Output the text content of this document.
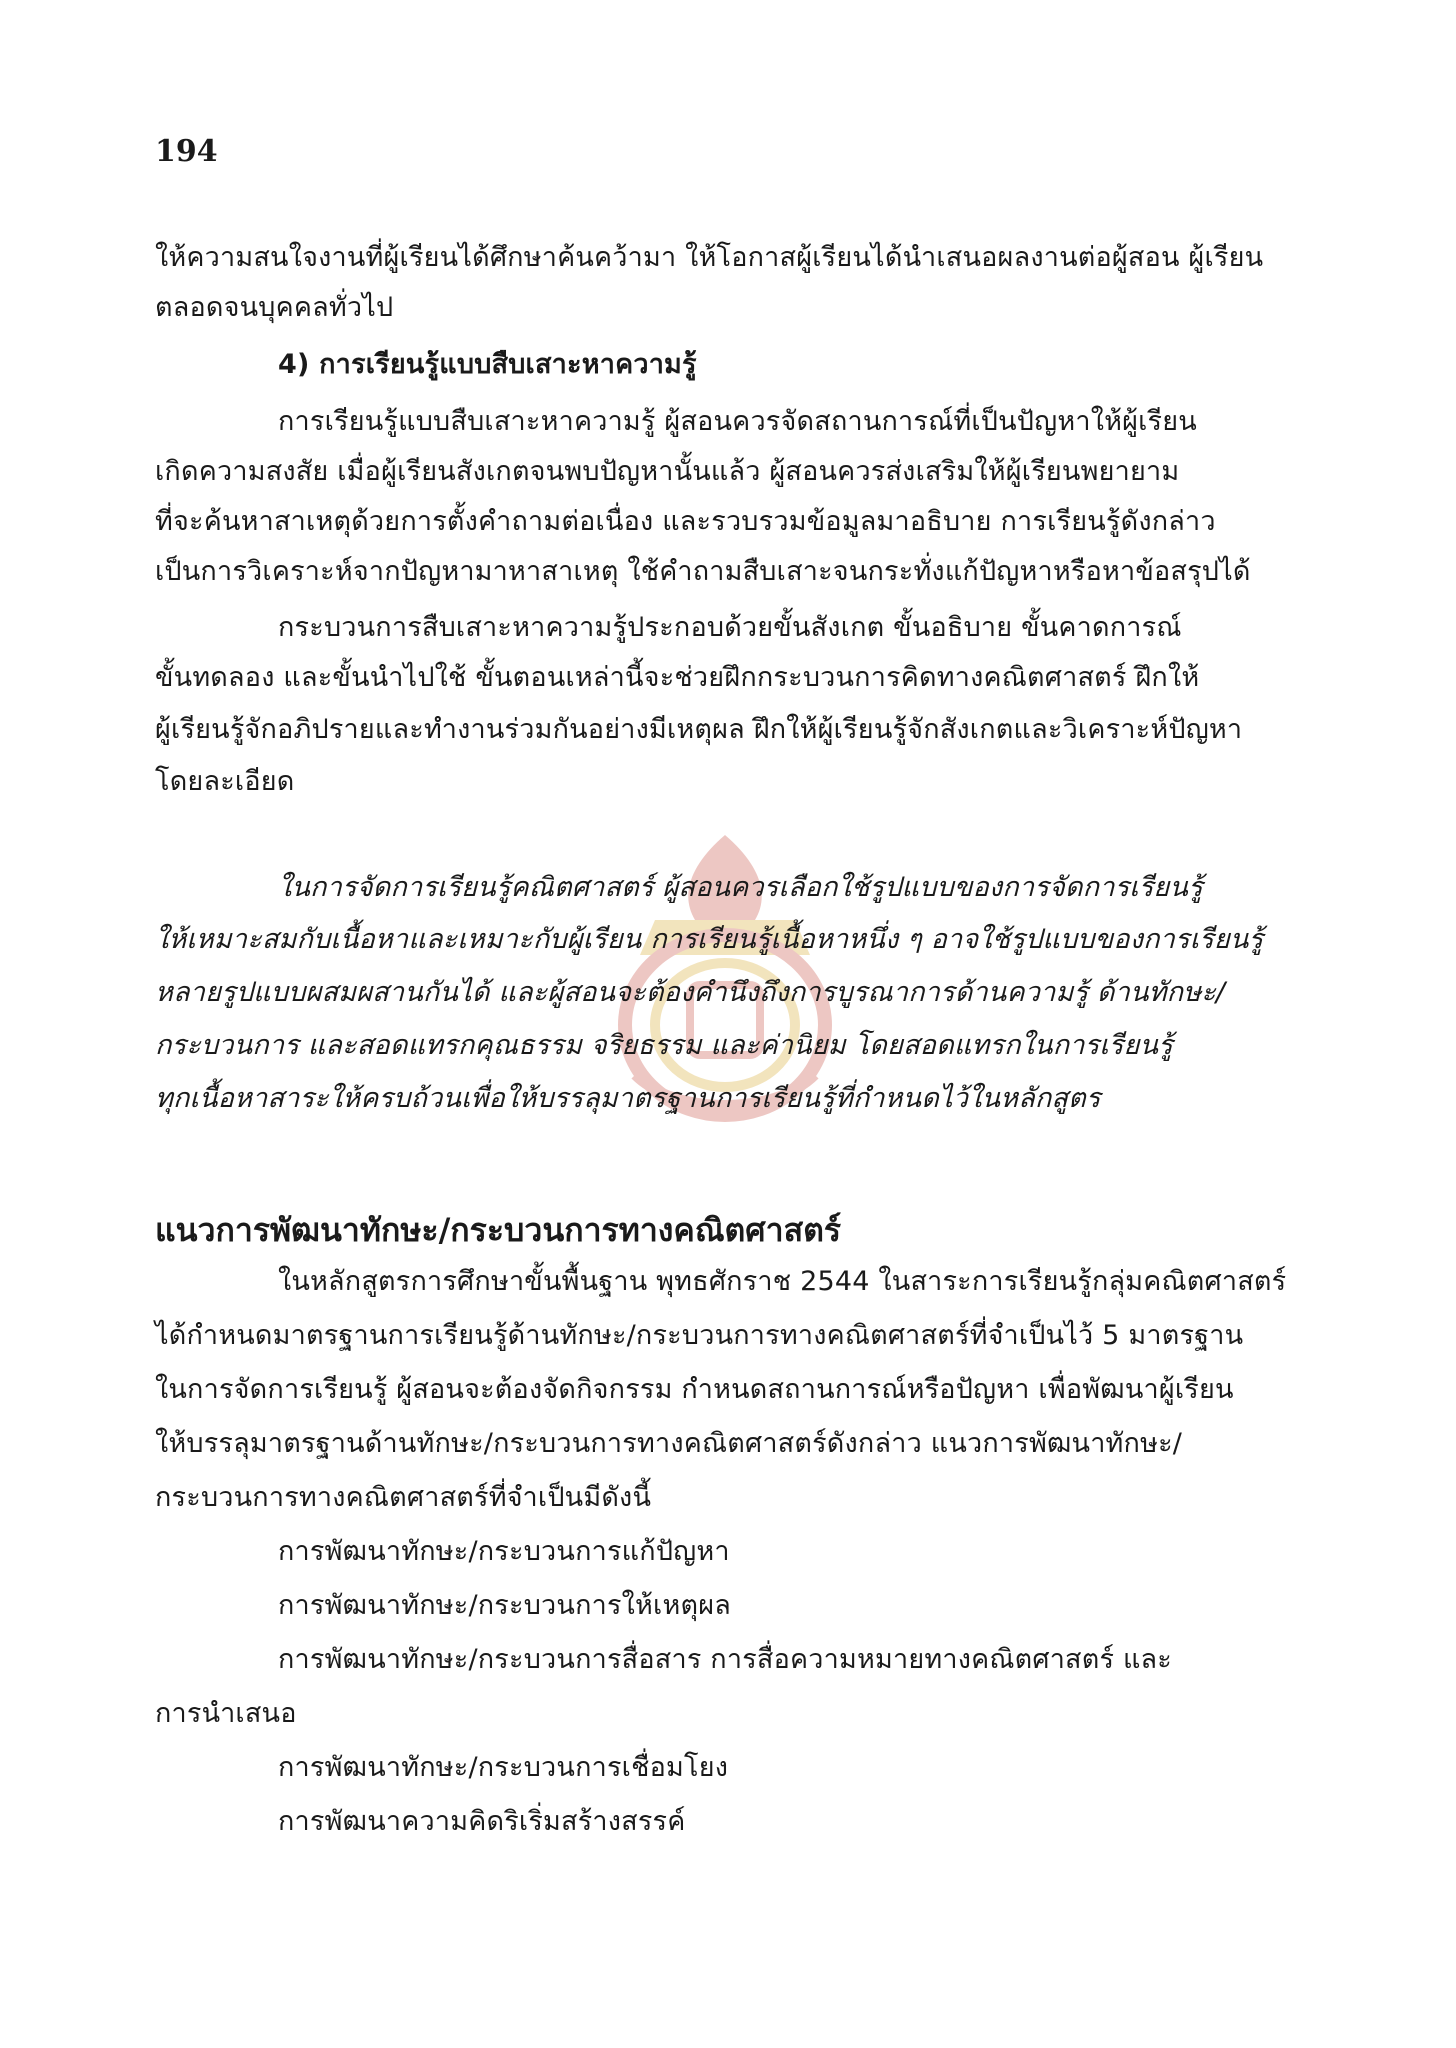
194

ให้ความสนใจงานที่ผู้เรียนได้ศึกษาค้นคว้ามา ให้โอกาสผู้เรียนได้นำเสนอผลงานต่อผู้สอน ผู้เรียน

ตลอดจนบุคคลทั่วไป

4) การเรียนรู้แบบสืบเสาะหาความรู้

การเรียนรู้แบบสืบเสาะหาความรู้ ผู้สอนควรจัดสถานการณ์ที่เป็นปัญหาให้ผู้เรียน

เกิดความสงสัย เมื่อผู้เรียนสังเกตจนพบปัญหานั้นแล้ว ผู้สอนควรส่งเสริมให้ผู้เรียนพยายาม

ที่จะค้นหาสาเหตุด้วยการตั้งคำถามต่อเนื่อง และรวบรวมข้อมูลมาอธิบาย การเรียนรู้ดังกล่าว

เป็นการวิเคราะห์จากปัญหามาหาสาเหตุ ใช้คำถามสืบเสาะจนกระทั่งแก้ปัญหาหรือหาข้อสรุปได้

กระบวนการสืบเสาะหาความรู้ประกอบด้วยขั้นสังเกต ขั้นอธิบาย ขั้นคาดการณ์

ขั้นทดลอง และขั้นนำไปใช้ ขั้นตอนเหล่านี้จะช่วยฝึกกระบวนการคิดทางคณิตศาสตร์ ฝึกให้

ผู้เรียนรู้จักอภิปรายและทำงานร่วมกันอย่างมีเหตุผล ฝึกให้ผู้เรียนรู้จักสังเกตและวิเคราะห์ปัญหา

โดยละเอียด

ในการจัดการเรียนรู้คณิตศาสตร์ ผู้สอนควรเลือกใช้รูปแบบของการจัดการเรียนรู้

ให้เหมาะสมกับเนื้อหาและเหมาะกับผู้เรียน การเรียนรู้เนื้อหาหนึ่ง ๆ อาจใช้รูปแบบของการเรียนรู้

หลายรูปแบบผสมผสานกันได้ และผู้สอนจะต้องคำนึงถึงการบูรณาการด้านความรู้ ด้านทักษะ/

กระบวนการ และสอดแทรกคุณธรรม จริยธรรม และค่านิยม โดยสอดแทรกในการเรียนรู้

ทุกเนื้อหาสาระให้ครบถ้วนเพื่อให้บรรลุมาตรฐานการเรียนรู้ที่กำหนดไว้ในหลักสูตร

แนวการพัฒนาทักษะ/กระบวนการทางคณิตศาสตร์

ในหลักสูตรการศึกษาขั้นพื้นฐาน พุทธศักราช 2544 ในสาระการเรียนรู้กลุ่มคณิตศาสตร์

ได้กำหนดมาตรฐานการเรียนรู้ด้านทักษะ/กระบวนการทางคณิตศาสตร์ที่จำเป็นไว้ 5 มาตรฐาน

ในการจัดการเรียนรู้ ผู้สอนจะต้องจัดกิจกรรม กำหนดสถานการณ์หรือปัญหา เพื่อพัฒนาผู้เรียน

ให้บรรลุมาตรฐานด้านทักษะ/กระบวนการทางคณิตศาสตร์ดังกล่าว แนวการพัฒนาทักษะ/

กระบวนการทางคณิตศาสตร์ที่จำเป็นมีดังนี้

การพัฒนาทักษะ/กระบวนการแก้ปัญหา

การพัฒนาทักษะ/กระบวนการให้เหตุผล

การพัฒนาทักษะ/กระบวนการสื่อสาร การสื่อความหมายทางคณิตศาสตร์ และ

การนำเสนอ

การพัฒนาทักษะ/กระบวนการเชื่อมโยง

การพัฒนาความคิดริเริ่มสร้างสรรค์
